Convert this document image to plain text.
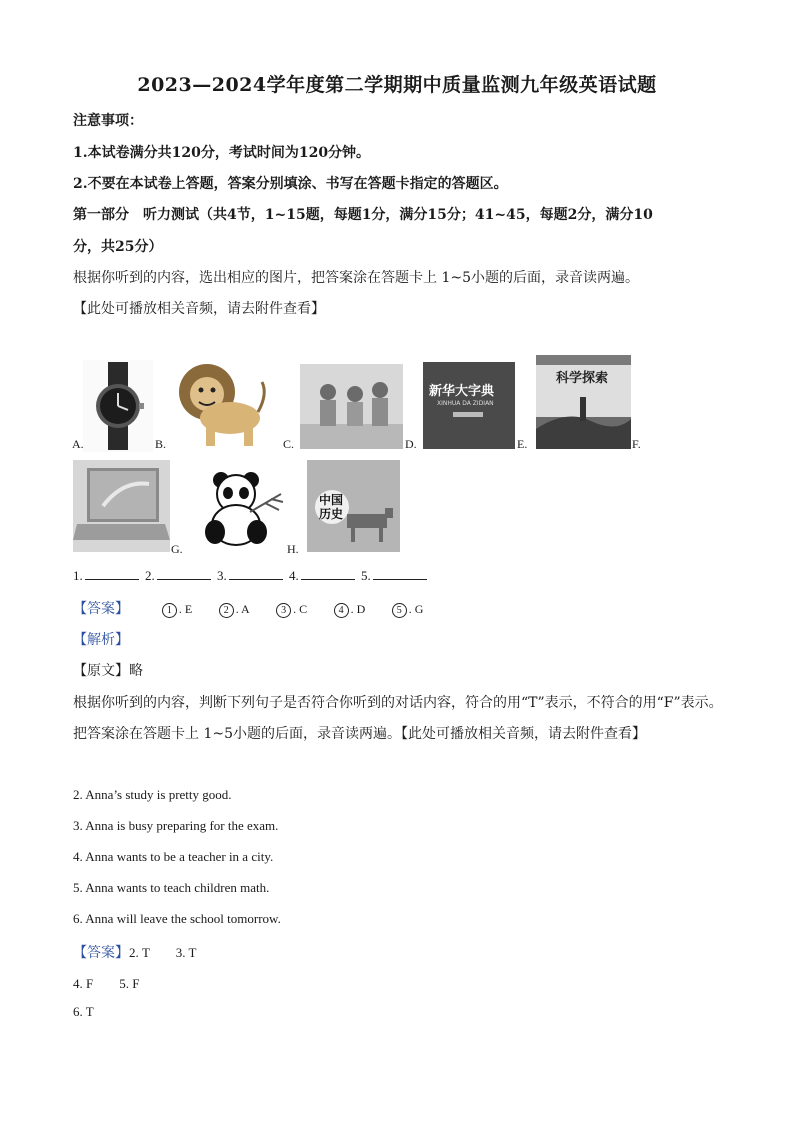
2023—2024学年度第二学期期中质量监测九年级英语试题
注意事项：
1.本试卷满分共120分，考试时间为120分钟。
2.不要在本试卷上答题，答案分别填涂、书写在答题卡指定的答题区。
第一部分　听力测试（共4节，1~15题，每题1分，满分15分；41~45，每题2分，满分10
分，共25分）
根据你听到的内容，选出相应的图片，把答案涂在答题卡上 1~5小题的后面，录音读两遍。
【此处可播放相关音频，请去附件查看】
A.	B.	C.
新华大字典
XINHUA DA ZIDIAN
D.
科学探索
E.	F.
G.	H.
中国
历史
1.	2.	3.	4.	5.
【答案】	1 . E	2 . A	3 . C	4 . D	5 . G
【解析】
【原文】略
根据你听到的内容，判断下列句子是否符合你听到的对话内容，符合的用“T”表示，不符合的用“F”表示。
把答案涂在答题卡上 1~5小题的后面，录音读两遍。【此处可播放相关音频，请去附件查看】
2. Anna’s study is pretty good.
3. Anna is busy preparing for the exam.
4. Anna wants to be a teacher in a city.
5. Anna wants to teach children math.
6. Anna will leave the school tomorrow.
【答案】2. T　　3. T
4. F　　5. F
6. T
